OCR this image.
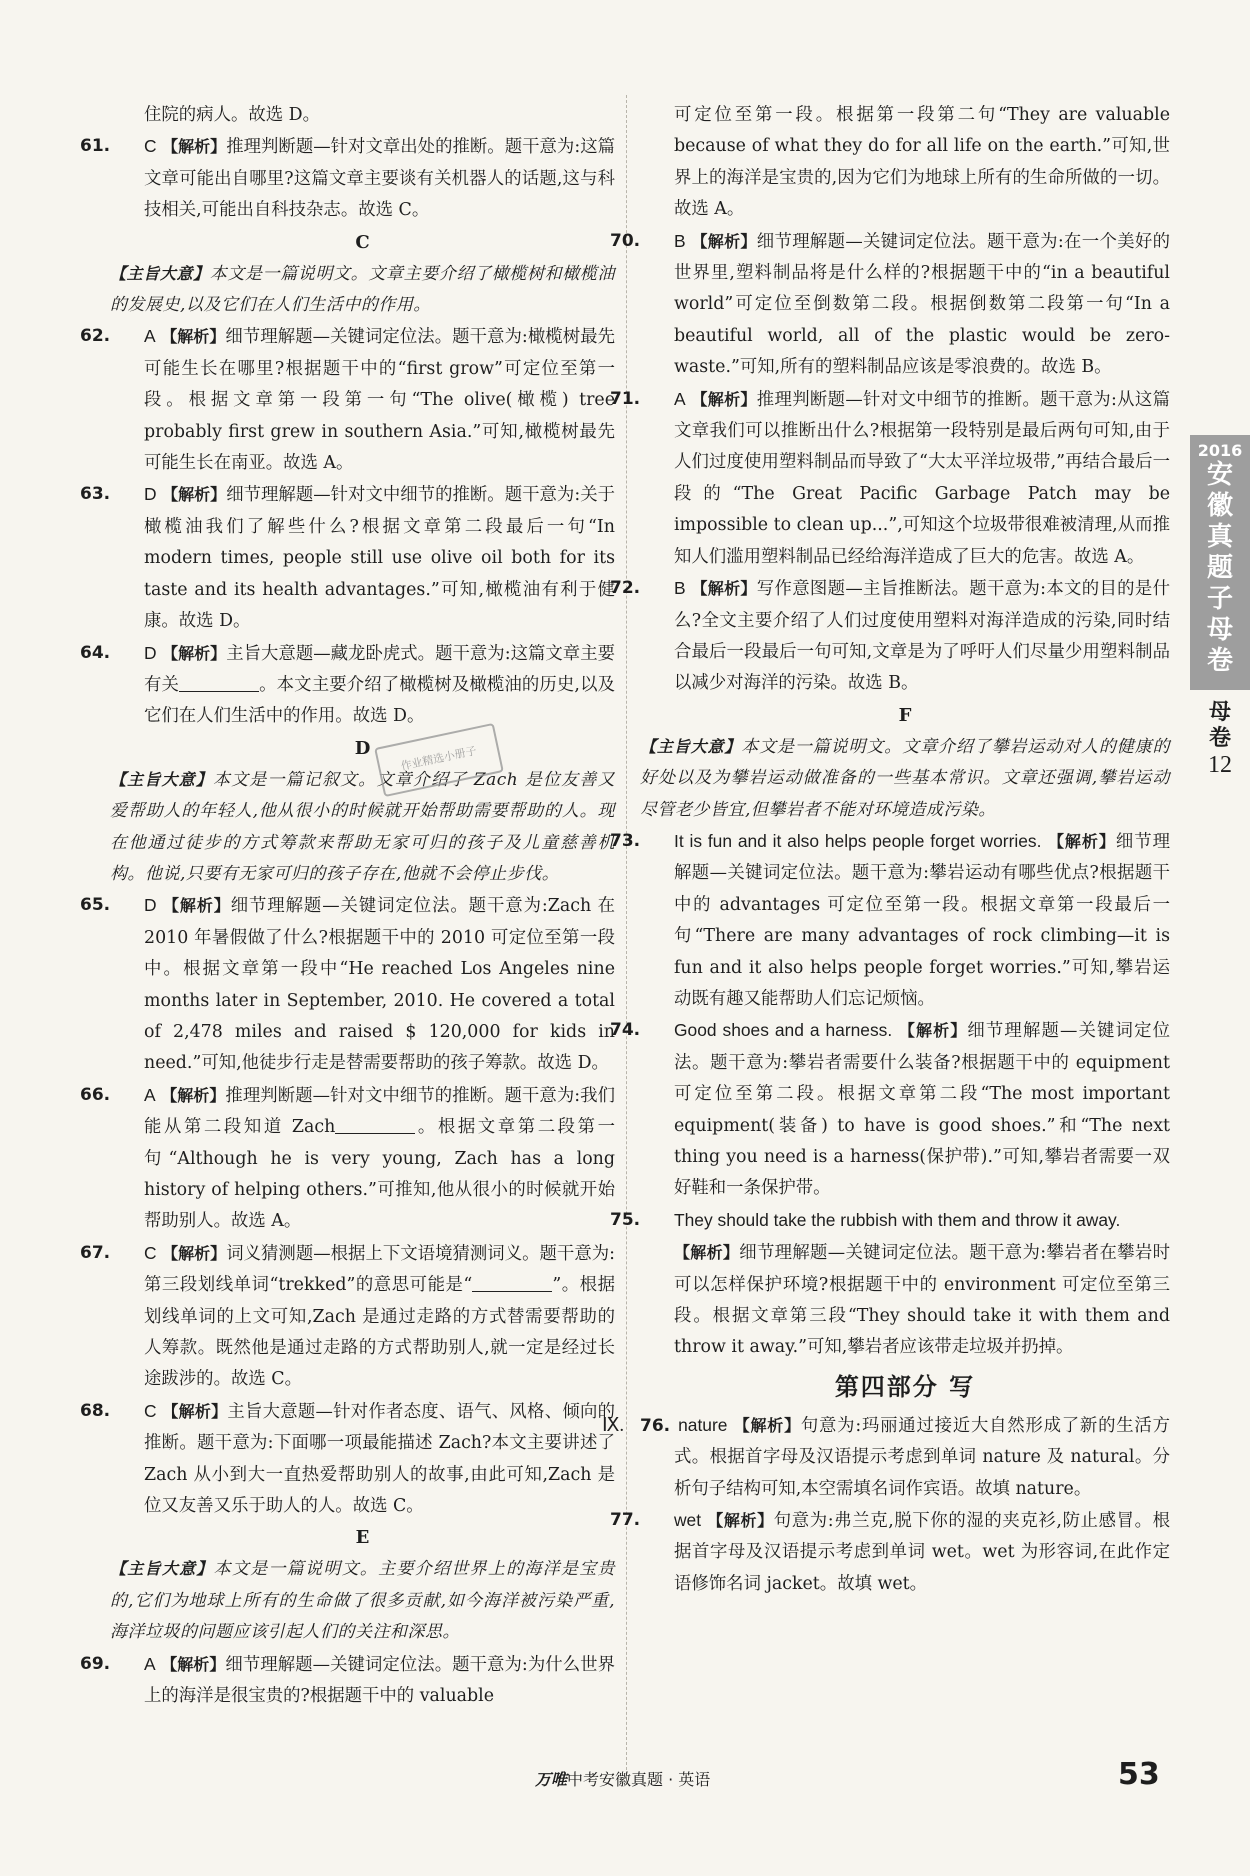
住院的病人。故选 D。

61. C 【解析】推理判断题—针对文章出处的推断。题干意为:这篇文章可能出自哪里?这篇文章主要谈有关机器人的话题,这与科技相关,可能出自科技杂志。故选 C。
C

【主旨大意】本文是一篇说明文。文章主要介绍了橄榄树和橄榄油的发展史,以及它们在人们生活中的作用。

62. A 【解析】细节理解题—关键词定位法。题干意为:橄榄树最先可能生长在哪里?根据题干中的“first grow”可定位至第一段。根据文章第一段第一句“The olive(橄榄) tree probably first grew in southern Asia.”可知,橄榄树最先可能生长在南亚。故选 A。
63. D 【解析】细节理解题—针对文中细节的推断。题干意为:关于橄榄油我们了解些什么?根据文章第二段最后一句“In modern times, people still use olive oil both for its taste and its health advantages.”可知,橄榄油有利于健康。故选 D。
64. D 【解析】主旨大意题—藏龙卧虎式。题干意为:这篇文章主要有关	。本文主要介绍了橄榄树及橄榄油的历史,以及它们在人们生活中的作用。故选 D。
D

【主旨大意】本文是一篇记叙文。文章介绍了 Zach 是位友善又爱帮助人的年轻人,他从很小的时候就开始帮助需要帮助的人。现在他通过徒步的方式筹款来帮助无家可归的孩子及儿童慈善机构。他说,只要有无家可归的孩子存在,他就不会停止步伐。

65. D 【解析】细节理解题—关键词定位法。题干意为:Zach 在 2010 年暑假做了什么?根据题干中的 2010 可定位至第一段中。根据文章第一段中“He reached Los Angeles nine months later in September, 2010. He covered a total of 2,478 miles and raised $ 120,000 for kids in need.”可知,他徒步行走是替需要帮助的孩子筹款。故选 D。
66. A 【解析】推理判断题—针对文中细节的推断。题干意为:我们能从第二段知道 Zach	。根据文章第二段第一句“Although he is very young, Zach has a long history of helping others.”可推知,他从很小的时候就开始帮助别人。故选 A。
67. C 【解析】词义猜测题—根据上下文语境猜测词义。题干意为:第三段划线单词“trekked”的意思可能是“	”。根据划线单词的上文可知,Zach 是通过走路的方式替需要帮助的人筹款。既然他是通过走路的方式帮助别人,就一定是经过长途跋涉的。故选 C。
68. C 【解析】主旨大意题—针对作者态度、语气、风格、倾向的推断。题干意为:下面哪一项最能描述 Zach?本文主要讲述了 Zach 从小到大一直热爱帮助别人的故事,由此可知,Zach 是位又友善又乐于助人的人。故选 C。
E

【主旨大意】本文是一篇说明文。主要介绍世界上的海洋是宝贵的,它们为地球上所有的生命做了很多贡献,如今海洋被污染严重,海洋垃圾的问题应该引起人们的关注和深思。

69. A 【解析】细节理解题—关键词定位法。题干意为:为什么世界上的海洋是很宝贵的?根据题干中的 valuable
作业精选小册子

可定位至第一段。根据第一段第二句“They are valuable because of what they do for all life on the earth.”可知,世界上的海洋是宝贵的,因为它们为地球上所有的生命所做的一切。故选 A。

70. B 【解析】细节理解题—关键词定位法。题干意为:在一个美好的世界里,塑料制品将是什么样的?根据题干中的“in a beautiful world”可定位至倒数第二段。根据倒数第二段第一句“In a beautiful world, all of the plastic would be zero-waste.”可知,所有的塑料制品应该是零浪费的。故选 B。
71. A 【解析】推理判断题—针对文中细节的推断。题干意为:从这篇文章我们可以推断出什么?根据第一段特别是最后两句可知,由于人们过度使用塑料制品而导致了“大太平洋垃圾带,”再结合最后一段的“The Great Pacific Garbage Patch may be impossible to clean up...”,可知这个垃圾带很难被清理,从而推知人们滥用塑料制品已经给海洋造成了巨大的危害。故选 A。
72. B 【解析】写作意图题—主旨推断法。题干意为:本文的目的是什么?全文主要介绍了人们过度使用塑料对海洋造成的污染,同时结合最后一段最后一句可知,文章是为了呼吁人们尽量少用塑料制品以减少对海洋的污染。故选 B。
F

【主旨大意】本文是一篇说明文。文章介绍了攀岩运动对人的健康的好处以及为攀岩运动做准备的一些基本常识。文章还强调,攀岩运动尽管老少皆宜,但攀岩者不能对环境造成污染。

73. It is fun and it also helps people forget worries. 【解析】细节理解题—关键词定位法。题干意为:攀岩运动有哪些优点?根据题干中的 advantages 可定位至第一段。根据文章第一段最后一句“There are many advantages of rock climbing—it is fun and it also helps people forget worries.”可知,攀岩运动既有趣又能帮助人们忘记烦恼。
74. Good shoes and a harness. 【解析】细节理解题—关键词定位法。题干意为:攀岩者需要什么装备?根据题干中的 equipment 可定位至第二段。根据文章第二段“The most important equipment(装备) to have is good shoes.”和“The next thing you need is a harness(保护带).”可知,攀岩者需要一双好鞋和一条保护带。
75. They should take the rubbish with them and throw it away.
【解析】细节理解题—关键词定位法。题干意为:攀岩者在攀岩时可以怎样保护环境?根据题干中的 environment 可定位至第三段。根据文章第三段“They should take it with them and throw it away.”可知,攀岩者应该带走垃圾并扔掉。
第四部分 写
Ⅸ. 76. nature 【解析】句意为:玛丽通过接近大自然形成了新的生活方式。根据首字母及汉语提示考虑到单词 nature 及 natural。分析句子结构可知,本空需填名词作宾语。故填 nature。
77. wet 【解析】句意为:弗兰克,脱下你的湿的夹克衫,防止感冒。根据首字母及汉语提示考虑到单词 wet。wet 为形容词,在此作定语修饰名词 jacket。故填 wet。
2016
安徽真题子母卷
母卷
12
万唯中考安徽真题 · 英语	53
